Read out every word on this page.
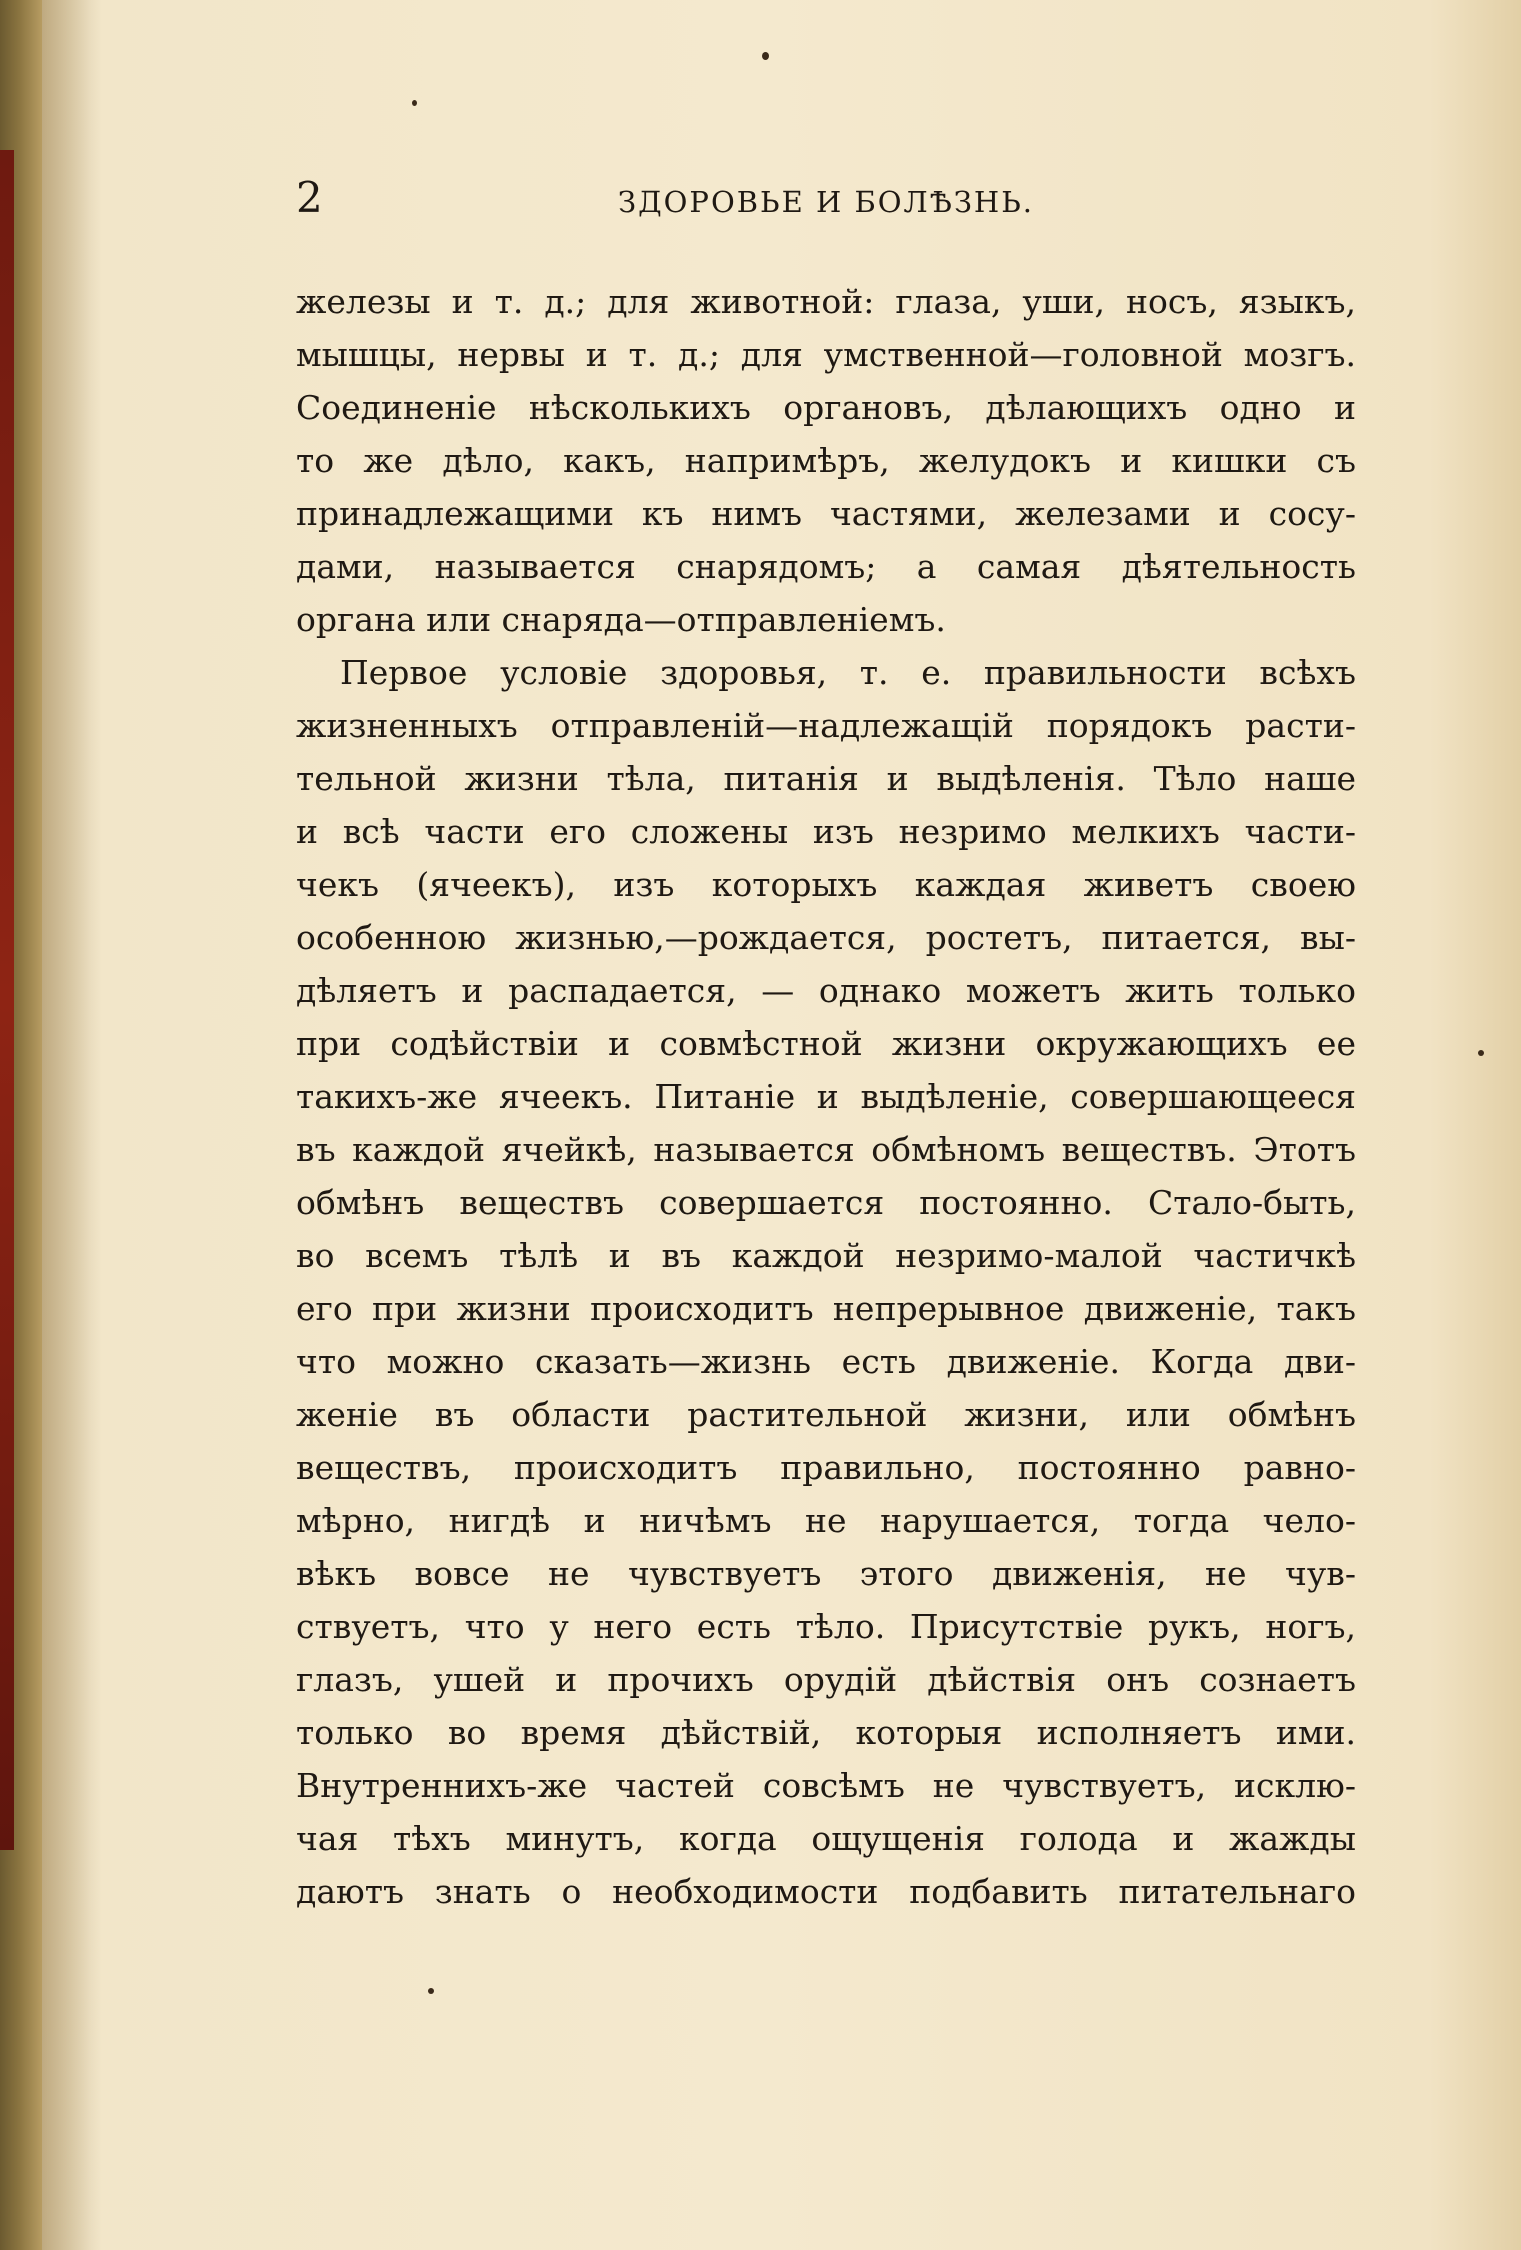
2	ЗДОРОВЬЕ И БОЛѢЗНЬ.
железы и т. д.; для животной: глаза, уши, носъ, языкъ,
мышцы, нервы и т. д.; для умственной—головной мозгъ.
Соединеніе нѣсколькихъ органовъ, дѣлающихъ одно и
то же дѣло, какъ, напримѣръ, желудокъ и кишки съ
принадлежащими къ нимъ частями, железами и сосу-
дами, называется снарядомъ; а самая дѣятельность
органа или снаряда—отправленіемъ.
Первое условіе здоровья, т. е. правильности всѣхъ
жизненныхъ отправленій—надлежащій порядокъ расти-
тельной жизни тѣла, питанія и выдѣленія. Тѣло наше
и всѣ части его сложены изъ незримо мелкихъ части-
чекъ (ячеекъ), изъ которыхъ каждая живетъ своею
особенною жизнью,—рождается, ростетъ, питается, вы-
дѣляетъ и распадается, — однако можетъ жить только
при содѣйствіи и совмѣстной жизни окружающихъ ее
такихъ-же ячеекъ. Питаніе и выдѣленіе, совершающееся
въ каждой ячейкѣ, называется обмѣномъ веществъ. Этотъ
обмѣнъ веществъ совершается постоянно. Стало-быть,
во всемъ тѣлѣ и въ каждой незримо-малой частичкѣ
его при жизни происходитъ непрерывное движеніе, такъ
что можно сказать—жизнь есть движеніе. Когда дви-
женіе въ области растительной жизни, или обмѣнъ
веществъ, происходитъ правильно, постоянно равно-
мѣрно, нигдѣ и ничѣмъ не нарушается, тогда чело-
вѣкъ вовсе не чувствуетъ этого движенія, не чув-
ствуетъ, что у него есть тѣло. Присутствіе рукъ, ногъ,
глазъ, ушей и прочихъ орудій дѣйствія онъ сознаетъ
только во время дѣйствій, которыя исполняетъ ими.
Внутреннихъ-же частей совсѣмъ не чувствуетъ, исклю-
чая тѣхъ минутъ, когда ощущенія голода и жажды
даютъ знать о необходимости подбавить питательнаго
